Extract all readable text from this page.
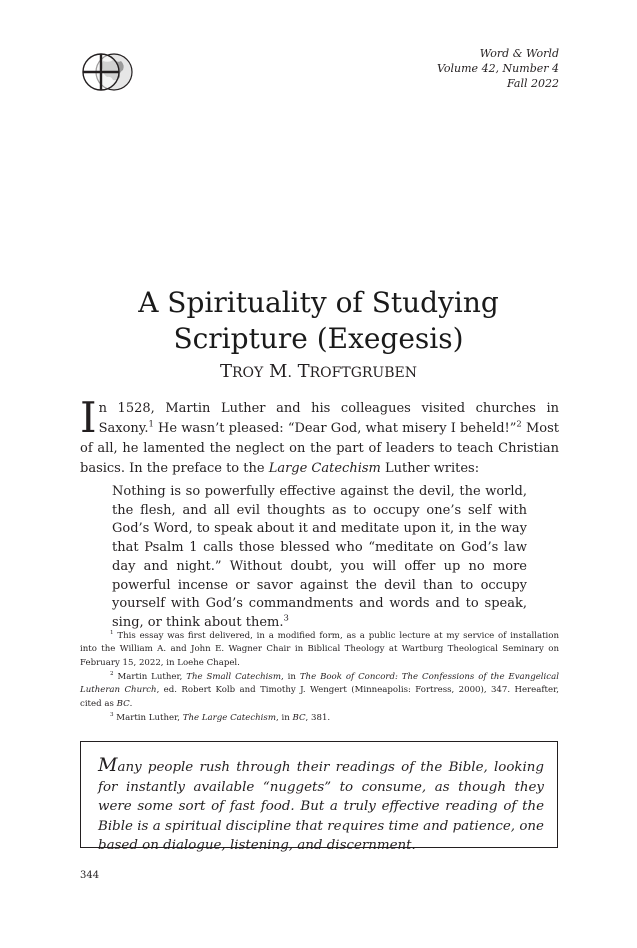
Word & World
Volume 42, Number 4
Fall 2022
A Spirituality of Studying
Scripture (Exegesis)
TROY M. TROFTGRUBEN
In 1528, Martin Luther and his colleagues visited churches in Saxony.$^1$ He wasn’t pleased: “Dear God, what misery I beheld!”$^2$ Most of all, he lamented the neglect on the part of leaders to teach Christian basics. In the preface to the Large Catechism Luther writes:
Nothing is so powerfully effective against the devil, the world, the flesh, and all evil thoughts as to occupy one’s self with God’s Word, to speak about it and meditate upon it, in the way that Psalm 1 calls those blessed who “meditate on God’s law day and night.” Without doubt, you will offer up no more powerful incense or savor against the devil than to occupy yourself with God’s commandments and words and to speak, sing, or think about them.$^3$
$^1$ This essay was first delivered, in a modified form, as a public lecture at my service of installation into the William A. and John E. Wagner Chair in Biblical Theology at Wartburg Theological Seminary on February 15, 2022, in Loehe Chapel.
$^2$ Martin Luther, The Small Catechism, in The Book of Concord: The Confessions of the Evangelical Lutheran Church, ed. Robert Kolb and Timothy J. Wengert (Minneapolis: Fortress, 2000), 347. Hereafter, cited as BC.
$^3$ Martin Luther, The Large Catechism, in BC, 381.
Many people rush through their readings of the Bible, looking for instantly available “nuggets” to consume, as though they were some sort of fast food. But a truly effective reading of the Bible is a spiritual discipline that requires time and patience, one based on dialogue, listening, and discernment.
344
